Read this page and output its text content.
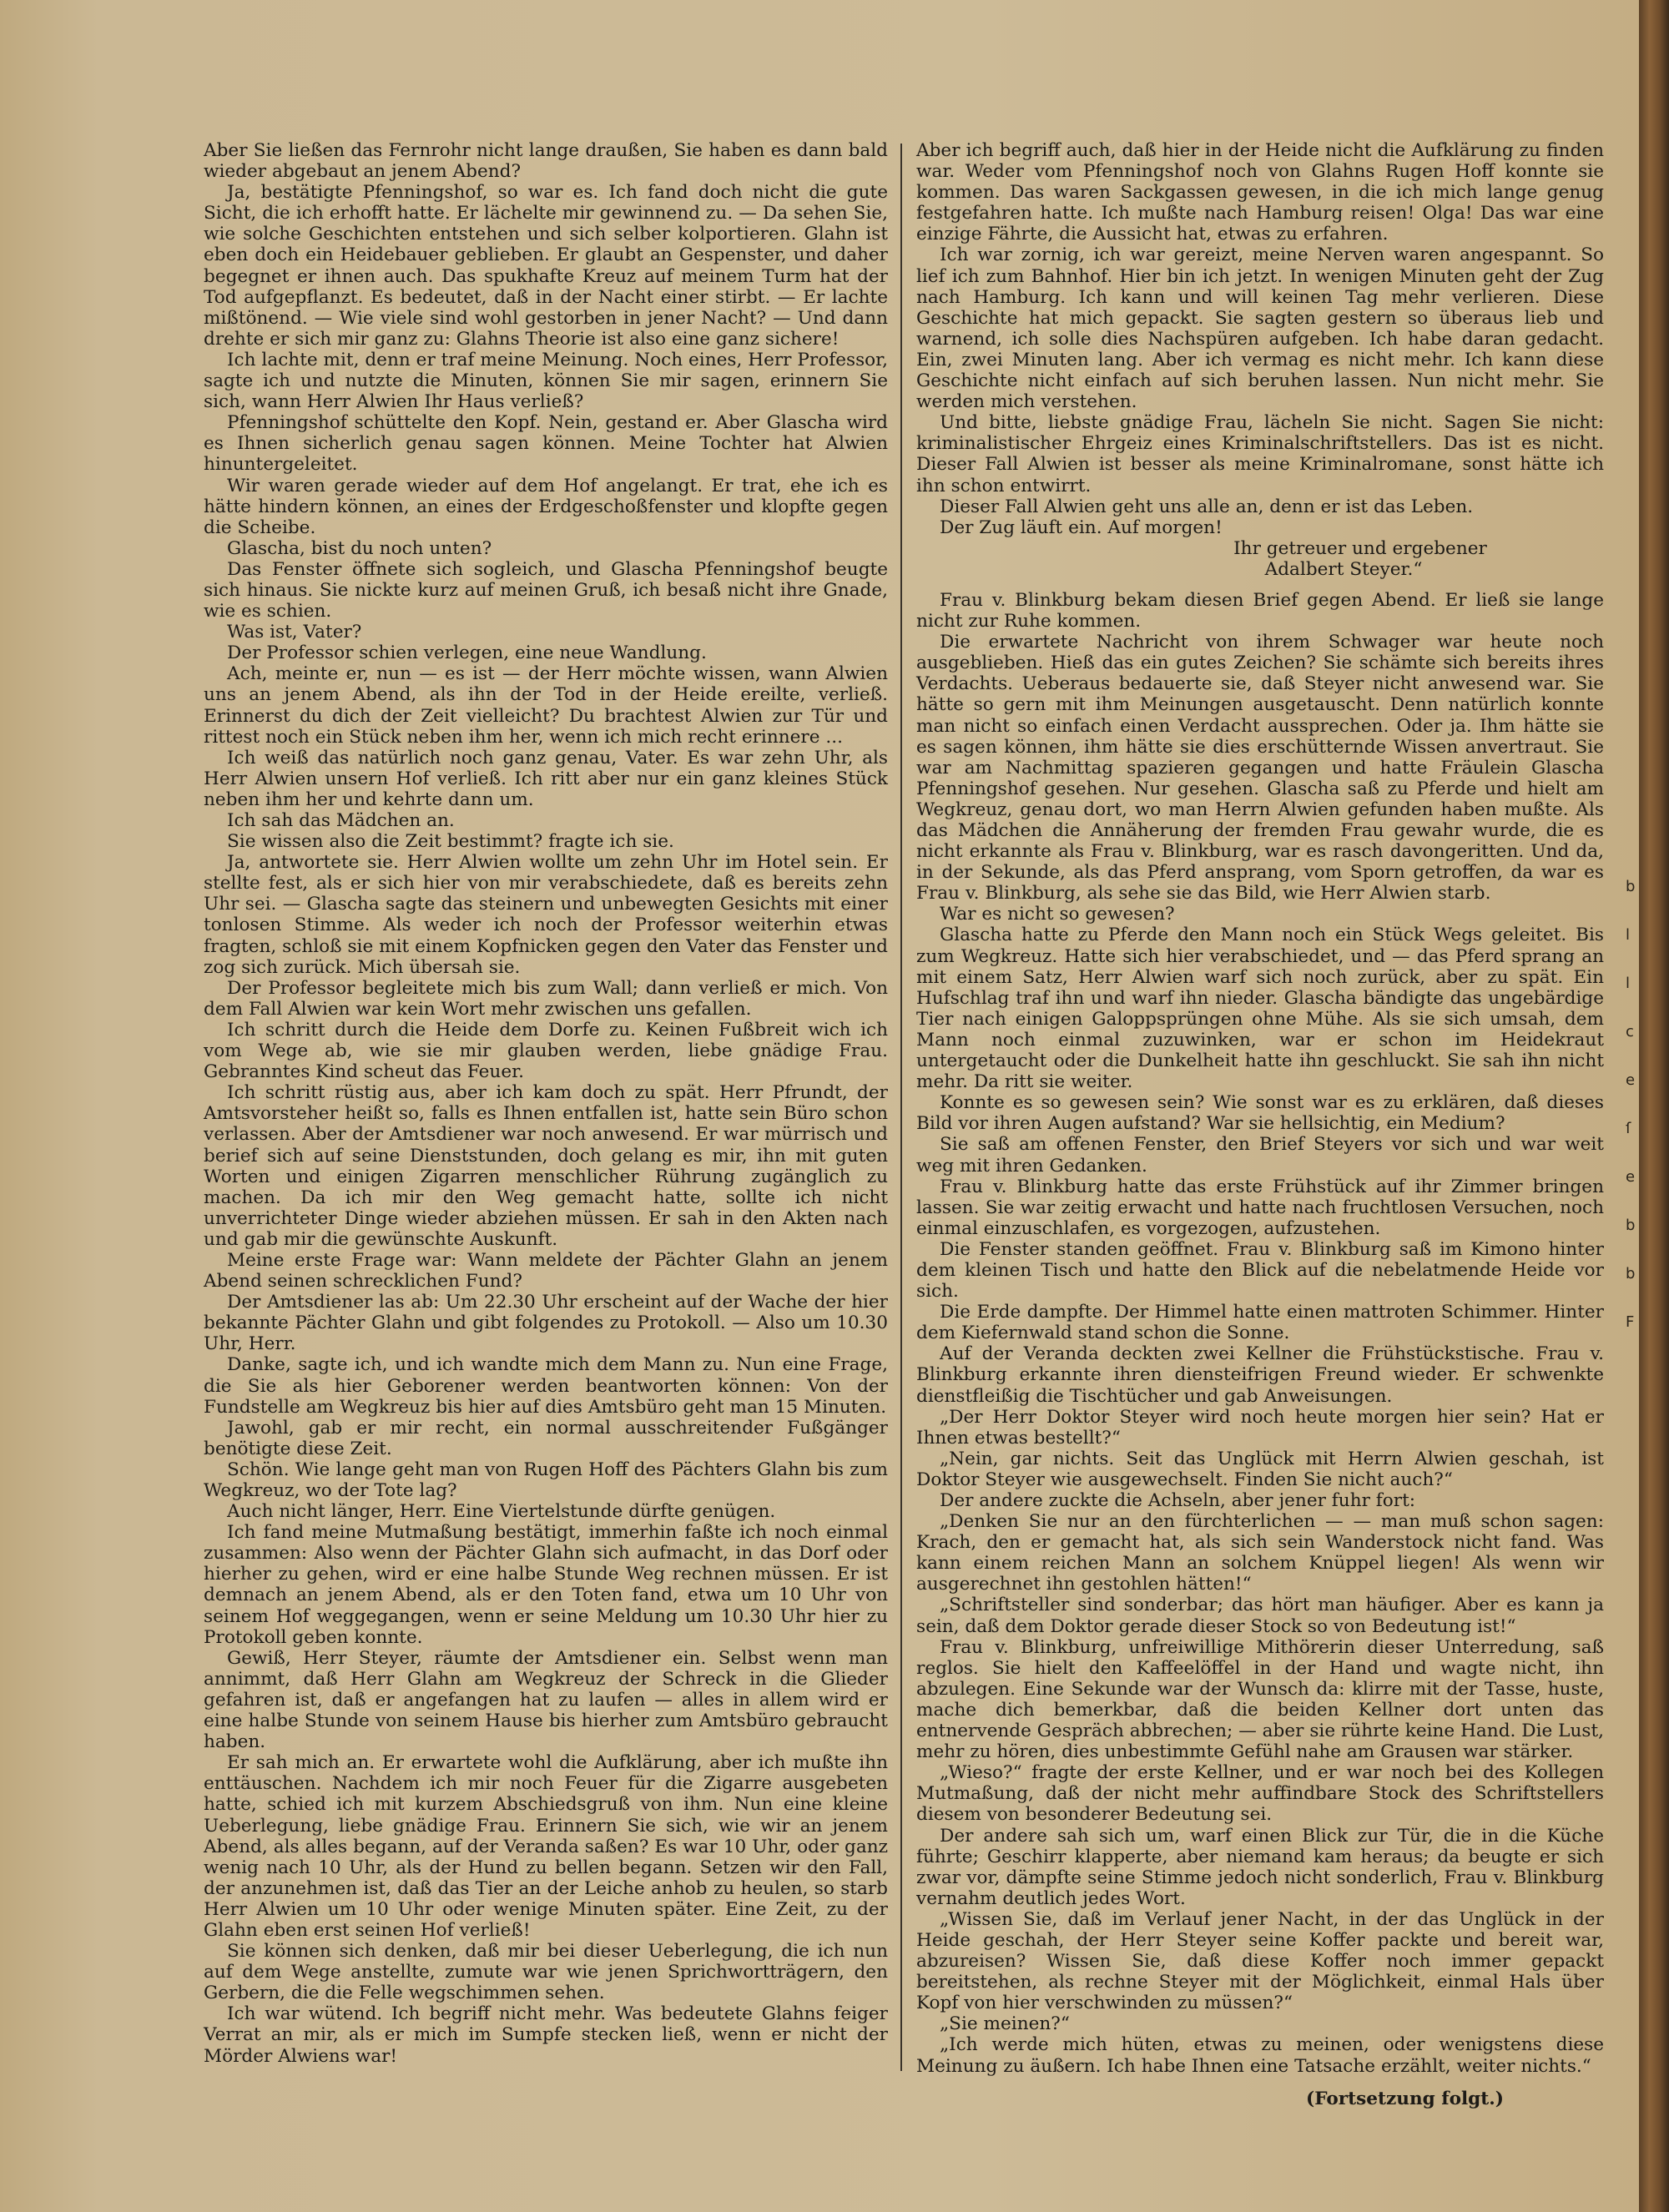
Aber Sie ließen das Fernrohr nicht lange draußen, Sie haben es dann bald wieder abgebaut an jenem Abend?

Ja, bestätigte Pfenningshof, so war es. Ich fand doch nicht die gute Sicht, die ich erhofft hatte. Er lächelte mir gewinnend zu. — Da sehen Sie, wie solche Geschichten entstehen und sich selber kolportieren. Glahn ist eben doch ein Heidebauer geblieben. Er glaubt an Gespenster, und daher begegnet er ihnen auch. Das spukhafte Kreuz auf meinem Turm hat der Tod aufgepflanzt. Es bedeutet, daß in der Nacht einer stirbt. — Er lachte mißtönend. — Wie viele sind wohl gestorben in jener Nacht? — Und dann drehte er sich mir ganz zu: Glahns Theorie ist also eine ganz sichere!

Ich lachte mit, denn er traf meine Meinung. Noch eines, Herr Professor, sagte ich und nutzte die Minuten, können Sie mir sagen, erinnern Sie sich, wann Herr Alwien Ihr Haus verließ?

Pfenningshof schüttelte den Kopf. Nein, gestand er. Aber Glascha wird es Ihnen sicherlich genau sagen können. Meine Tochter hat Alwien hinuntergeleitet.

Wir waren gerade wieder auf dem Hof angelangt. Er trat, ehe ich es hätte hindern können, an eines der Erdgeschoßfenster und klopfte gegen die Scheibe.

Glascha, bist du noch unten?

Das Fenster öffnete sich sogleich, und Glascha Pfenningshof beugte sich hinaus. Sie nickte kurz auf meinen Gruß, ich besaß nicht ihre Gnade, wie es schien.

Was ist, Vater?

Der Professor schien verlegen, eine neue Wandlung.

Ach, meinte er, nun — es ist — der Herr möchte wissen, wann Alwien uns an jenem Abend, als ihn der Tod in der Heide ereilte, verließ. Erinnerst du dich der Zeit vielleicht? Du brachtest Alwien zur Tür und rittest noch ein Stück neben ihm her, wenn ich mich recht erinnere ...

Ich weiß das natürlich noch ganz genau, Vater. Es war zehn Uhr, als Herr Alwien unsern Hof verließ. Ich ritt aber nur ein ganz kleines Stück neben ihm her und kehrte dann um.

Ich sah das Mädchen an.

Sie wissen also die Zeit bestimmt? fragte ich sie.

Ja, antwortete sie. Herr Alwien wollte um zehn Uhr im Hotel sein. Er stellte fest, als er sich hier von mir verabschiedete, daß es bereits zehn Uhr sei. — Glascha sagte das steinern und unbewegten Gesichts mit einer tonlosen Stimme. Als weder ich noch der Professor weiterhin etwas fragten, schloß sie mit einem Kopfnicken gegen den Vater das Fenster und zog sich zurück. Mich übersah sie.

Der Professor begleitete mich bis zum Wall; dann verließ er mich. Von dem Fall Alwien war kein Wort mehr zwischen uns gefallen.

Ich schritt durch die Heide dem Dorfe zu. Keinen Fußbreit wich ich vom Wege ab, wie sie mir glauben werden, liebe gnädige Frau. Gebranntes Kind scheut das Feuer.

Ich schritt rüstig aus, aber ich kam doch zu spät. Herr Pfrundt, der Amtsvorsteher heißt so, falls es Ihnen entfallen ist, hatte sein Büro schon verlassen. Aber der Amtsdiener war noch anwesend. Er war mürrisch und berief sich auf seine Dienststunden, doch gelang es mir, ihn mit guten Worten und einigen Zigarren menschlicher Rührung zugänglich zu machen. Da ich mir den Weg gemacht hatte, sollte ich nicht unverrichteter Dinge wieder abziehen müssen. Er sah in den Akten nach und gab mir die gewünschte Auskunft.

Meine erste Frage war: Wann meldete der Pächter Glahn an jenem Abend seinen schrecklichen Fund?

Der Amtsdiener las ab: Um 22.30 Uhr erscheint auf der Wache der hier bekannte Pächter Glahn und gibt folgendes zu Protokoll. — Also um 10.30 Uhr, Herr.

Danke, sagte ich, und ich wandte mich dem Mann zu. Nun eine Frage, die Sie als hier Geborener werden beantworten können: Von der Fundstelle am Wegkreuz bis hier auf dies Amtsbüro geht man 15 Minuten.

Jawohl, gab er mir recht, ein normal ausschreitender Fußgänger benötigte diese Zeit.

Schön. Wie lange geht man von Rugen Hoff des Pächters Glahn bis zum Wegkreuz, wo der Tote lag?

Auch nicht länger, Herr. Eine Viertelstunde dürfte genügen.

Ich fand meine Mutmaßung bestätigt, immerhin faßte ich noch einmal zusammen: Also wenn der Pächter Glahn sich aufmacht, in das Dorf oder hierher zu gehen, wird er eine halbe Stunde Weg rechnen müssen. Er ist demnach an jenem Abend, als er den Toten fand, etwa um 10 Uhr von seinem Hof weggegangen, wenn er seine Meldung um 10.30 Uhr hier zu Protokoll geben konnte.

Gewiß, Herr Steyer, räumte der Amtsdiener ein. Selbst wenn man annimmt, daß Herr Glahn am Wegkreuz der Schreck in die Glieder gefahren ist, daß er angefangen hat zu laufen — alles in allem wird er eine halbe Stunde von seinem Hause bis hierher zum Amtsbüro gebraucht haben.

Er sah mich an. Er erwartete wohl die Aufklärung, aber ich mußte ihn enttäuschen. Nachdem ich mir noch Feuer für die Zigarre ausgebeten hatte, schied ich mit kurzem Abschiedsgruß von ihm. Nun eine kleine Ueberlegung, liebe gnädige Frau. Erinnern Sie sich, wie wir an jenem Abend, als alles begann, auf der Veranda saßen? Es war 10 Uhr, oder ganz wenig nach 10 Uhr, als der Hund zu bellen begann. Setzen wir den Fall, der anzunehmen ist, daß das Tier an der Leiche anhob zu heulen, so starb Herr Alwien um 10 Uhr oder wenige Minuten später. Eine Zeit, zu der Glahn eben erst seinen Hof verließ!

Sie können sich denken, daß mir bei dieser Ueberlegung, die ich nun auf dem Wege anstellte, zumute war wie jenen Sprichwortträgern, den Gerbern, die die Felle wegschimmen sehen.

Ich war wütend. Ich begriff nicht mehr. Was bedeutete Glahns feiger Verrat an mir, als er mich im Sumpfe stecken ließ, wenn er nicht der Mörder Alwiens war!

Aber ich begriff auch, daß hier in der Heide nicht die Aufklärung zu finden war. Weder vom Pfenningshof noch von Glahns Rugen Hoff konnte sie kommen. Das waren Sackgassen gewesen, in die ich mich lange genug festgefahren hatte. Ich mußte nach Hamburg reisen! Olga! Das war eine einzige Fährte, die Aussicht hat, etwas zu erfahren.

Ich war zornig, ich war gereizt, meine Nerven waren angespannt. So lief ich zum Bahnhof. Hier bin ich jetzt. In wenigen Minuten geht der Zug nach Hamburg. Ich kann und will keinen Tag mehr verlieren. Diese Geschichte hat mich gepackt. Sie sagten gestern so überaus lieb und warnend, ich solle dies Nachspüren aufgeben. Ich habe daran gedacht. Ein, zwei Minuten lang. Aber ich vermag es nicht mehr. Ich kann diese Geschichte nicht einfach auf sich beruhen lassen. Nun nicht mehr. Sie werden mich verstehen.

Und bitte, liebste gnädige Frau, lächeln Sie nicht. Sagen Sie nicht: kriminalistischer Ehrgeiz eines Kriminalschriftstellers. Das ist es nicht. Dieser Fall Alwien ist besser als meine Kriminalromane, sonst hätte ich ihn schon entwirrt.

Dieser Fall Alwien geht uns alle an, denn er ist das Leben.

Der Zug läuft ein. Auf morgen!

Ihr getreuer und ergebener

Adalbert Steyer.“

Frau v. Blinkburg bekam diesen Brief gegen Abend. Er ließ sie lange nicht zur Ruhe kommen.

Die erwartete Nachricht von ihrem Schwager war heute noch ausgeblieben. Hieß das ein gutes Zeichen? Sie schämte sich bereits ihres Verdachts. Ueberaus bedauerte sie, daß Steyer nicht anwesend war. Sie hätte so gern mit ihm Meinungen ausgetauscht. Denn natürlich konnte man nicht so einfach einen Verdacht aussprechen. Oder ja. Ihm hätte sie es sagen können, ihm hätte sie dies erschütternde Wissen anvertraut. Sie war am Nachmittag spazieren gegangen und hatte Fräulein Glascha Pfenningshof gesehen. Nur gesehen. Glascha saß zu Pferde und hielt am Wegkreuz, genau dort, wo man Herrn Alwien gefunden haben mußte. Als das Mädchen die Annäherung der fremden Frau gewahr wurde, die es nicht erkannte als Frau v. Blinkburg, war es rasch davongeritten. Und da, in der Sekunde, als das Pferd ansprang, vom Sporn getroffen, da war es Frau v. Blinkburg, als sehe sie das Bild, wie Herr Alwien starb.

War es nicht so gewesen?

Glascha hatte zu Pferde den Mann noch ein Stück Wegs geleitet. Bis zum Wegkreuz. Hatte sich hier verabschiedet, und — das Pferd sprang an mit einem Satz, Herr Alwien warf sich noch zurück, aber zu spät. Ein Hufschlag traf ihn und warf ihn nieder. Glascha bändigte das ungebärdige Tier nach einigen Galoppsprüngen ohne Mühe. Als sie sich umsah, dem Mann noch einmal zuzuwinken, war er schon im Heidekraut untergetaucht oder die Dunkelheit hatte ihn geschluckt. Sie sah ihn nicht mehr. Da ritt sie weiter.

Konnte es so gewesen sein? Wie sonst war es zu erklären, daß dieses Bild vor ihren Augen aufstand? War sie hellsichtig, ein Medium?

Sie saß am offenen Fenster, den Brief Steyers vor sich und war weit weg mit ihren Gedanken.

Frau v. Blinkburg hatte das erste Frühstück auf ihr Zimmer bringen lassen. Sie war zeitig erwacht und hatte nach fruchtlosen Versuchen, noch einmal einzuschlafen, es vorgezogen, aufzustehen.

Die Fenster standen geöffnet. Frau v. Blinkburg saß im Kimono hinter dem kleinen Tisch und hatte den Blick auf die nebelatmende Heide vor sich.

Die Erde dampfte. Der Himmel hatte einen mattroten Schimmer. Hinter dem Kiefernwald stand schon die Sonne.

Auf der Veranda deckten zwei Kellner die Frühstückstische. Frau v. Blinkburg erkannte ihren diensteifrigen Freund wieder. Er schwenkte dienstfleißig die Tischtücher und gab Anweisungen.

„Der Herr Doktor Steyer wird noch heute morgen hier sein? Hat er Ihnen etwas bestellt?“

„Nein, gar nichts. Seit das Unglück mit Herrn Alwien geschah, ist Doktor Steyer wie ausgewechselt. Finden Sie nicht auch?“

Der andere zuckte die Achseln, aber jener fuhr fort:

„Denken Sie nur an den fürchterlichen — — man muß schon sagen: Krach, den er gemacht hat, als sich sein Wanderstock nicht fand. Was kann einem reichen Mann an solchem Knüppel liegen! Als wenn wir ausgerechnet ihn gestohlen hätten!“

„Schriftsteller sind sonderbar; das hört man häufiger. Aber es kann ja sein, daß dem Doktor gerade dieser Stock so von Bedeutung ist!“

Frau v. Blinkburg, unfreiwillige Mithörerin dieser Unterredung, saß reglos. Sie hielt den Kaffeelöffel in der Hand und wagte nicht, ihn abzulegen. Eine Sekunde war der Wunsch da: klirre mit der Tasse, huste, mache dich bemerkbar, daß die beiden Kellner dort unten das entnervende Gespräch abbrechen; — aber sie rührte keine Hand. Die Lust, mehr zu hören, dies unbestimmte Gefühl nahe am Grausen war stärker.

„Wieso?“ fragte der erste Kellner, und er war noch bei des Kollegen Mutmaßung, daß der nicht mehr auffindbare Stock des Schriftstellers diesem von besonderer Bedeutung sei.

Der andere sah sich um, warf einen Blick zur Tür, die in die Küche führte; Geschirr klapperte, aber niemand kam heraus; da beugte er sich zwar vor, dämpfte seine Stimme jedoch nicht sonderlich, Frau v. Blinkburg vernahm deutlich jedes Wort.

„Wissen Sie, daß im Verlauf jener Nacht, in der das Unglück in der Heide geschah, der Herr Steyer seine Koffer packte und bereit war, abzureisen? Wissen Sie, daß diese Koffer noch immer gepackt bereitstehen, als rechne Steyer mit der Möglichkeit, einmal Hals über Kopf von hier verschwinden zu müssen?“

„Sie meinen?“

„Ich werde mich hüten, etwas zu meinen, oder wenigstens diese Meinung zu äußern. Ich habe Ihnen eine Tatsache erzählt, weiter nichts.“

(Fortsetzung folgt.)

b
l
l
c
e
ſ
e
b
b
F
